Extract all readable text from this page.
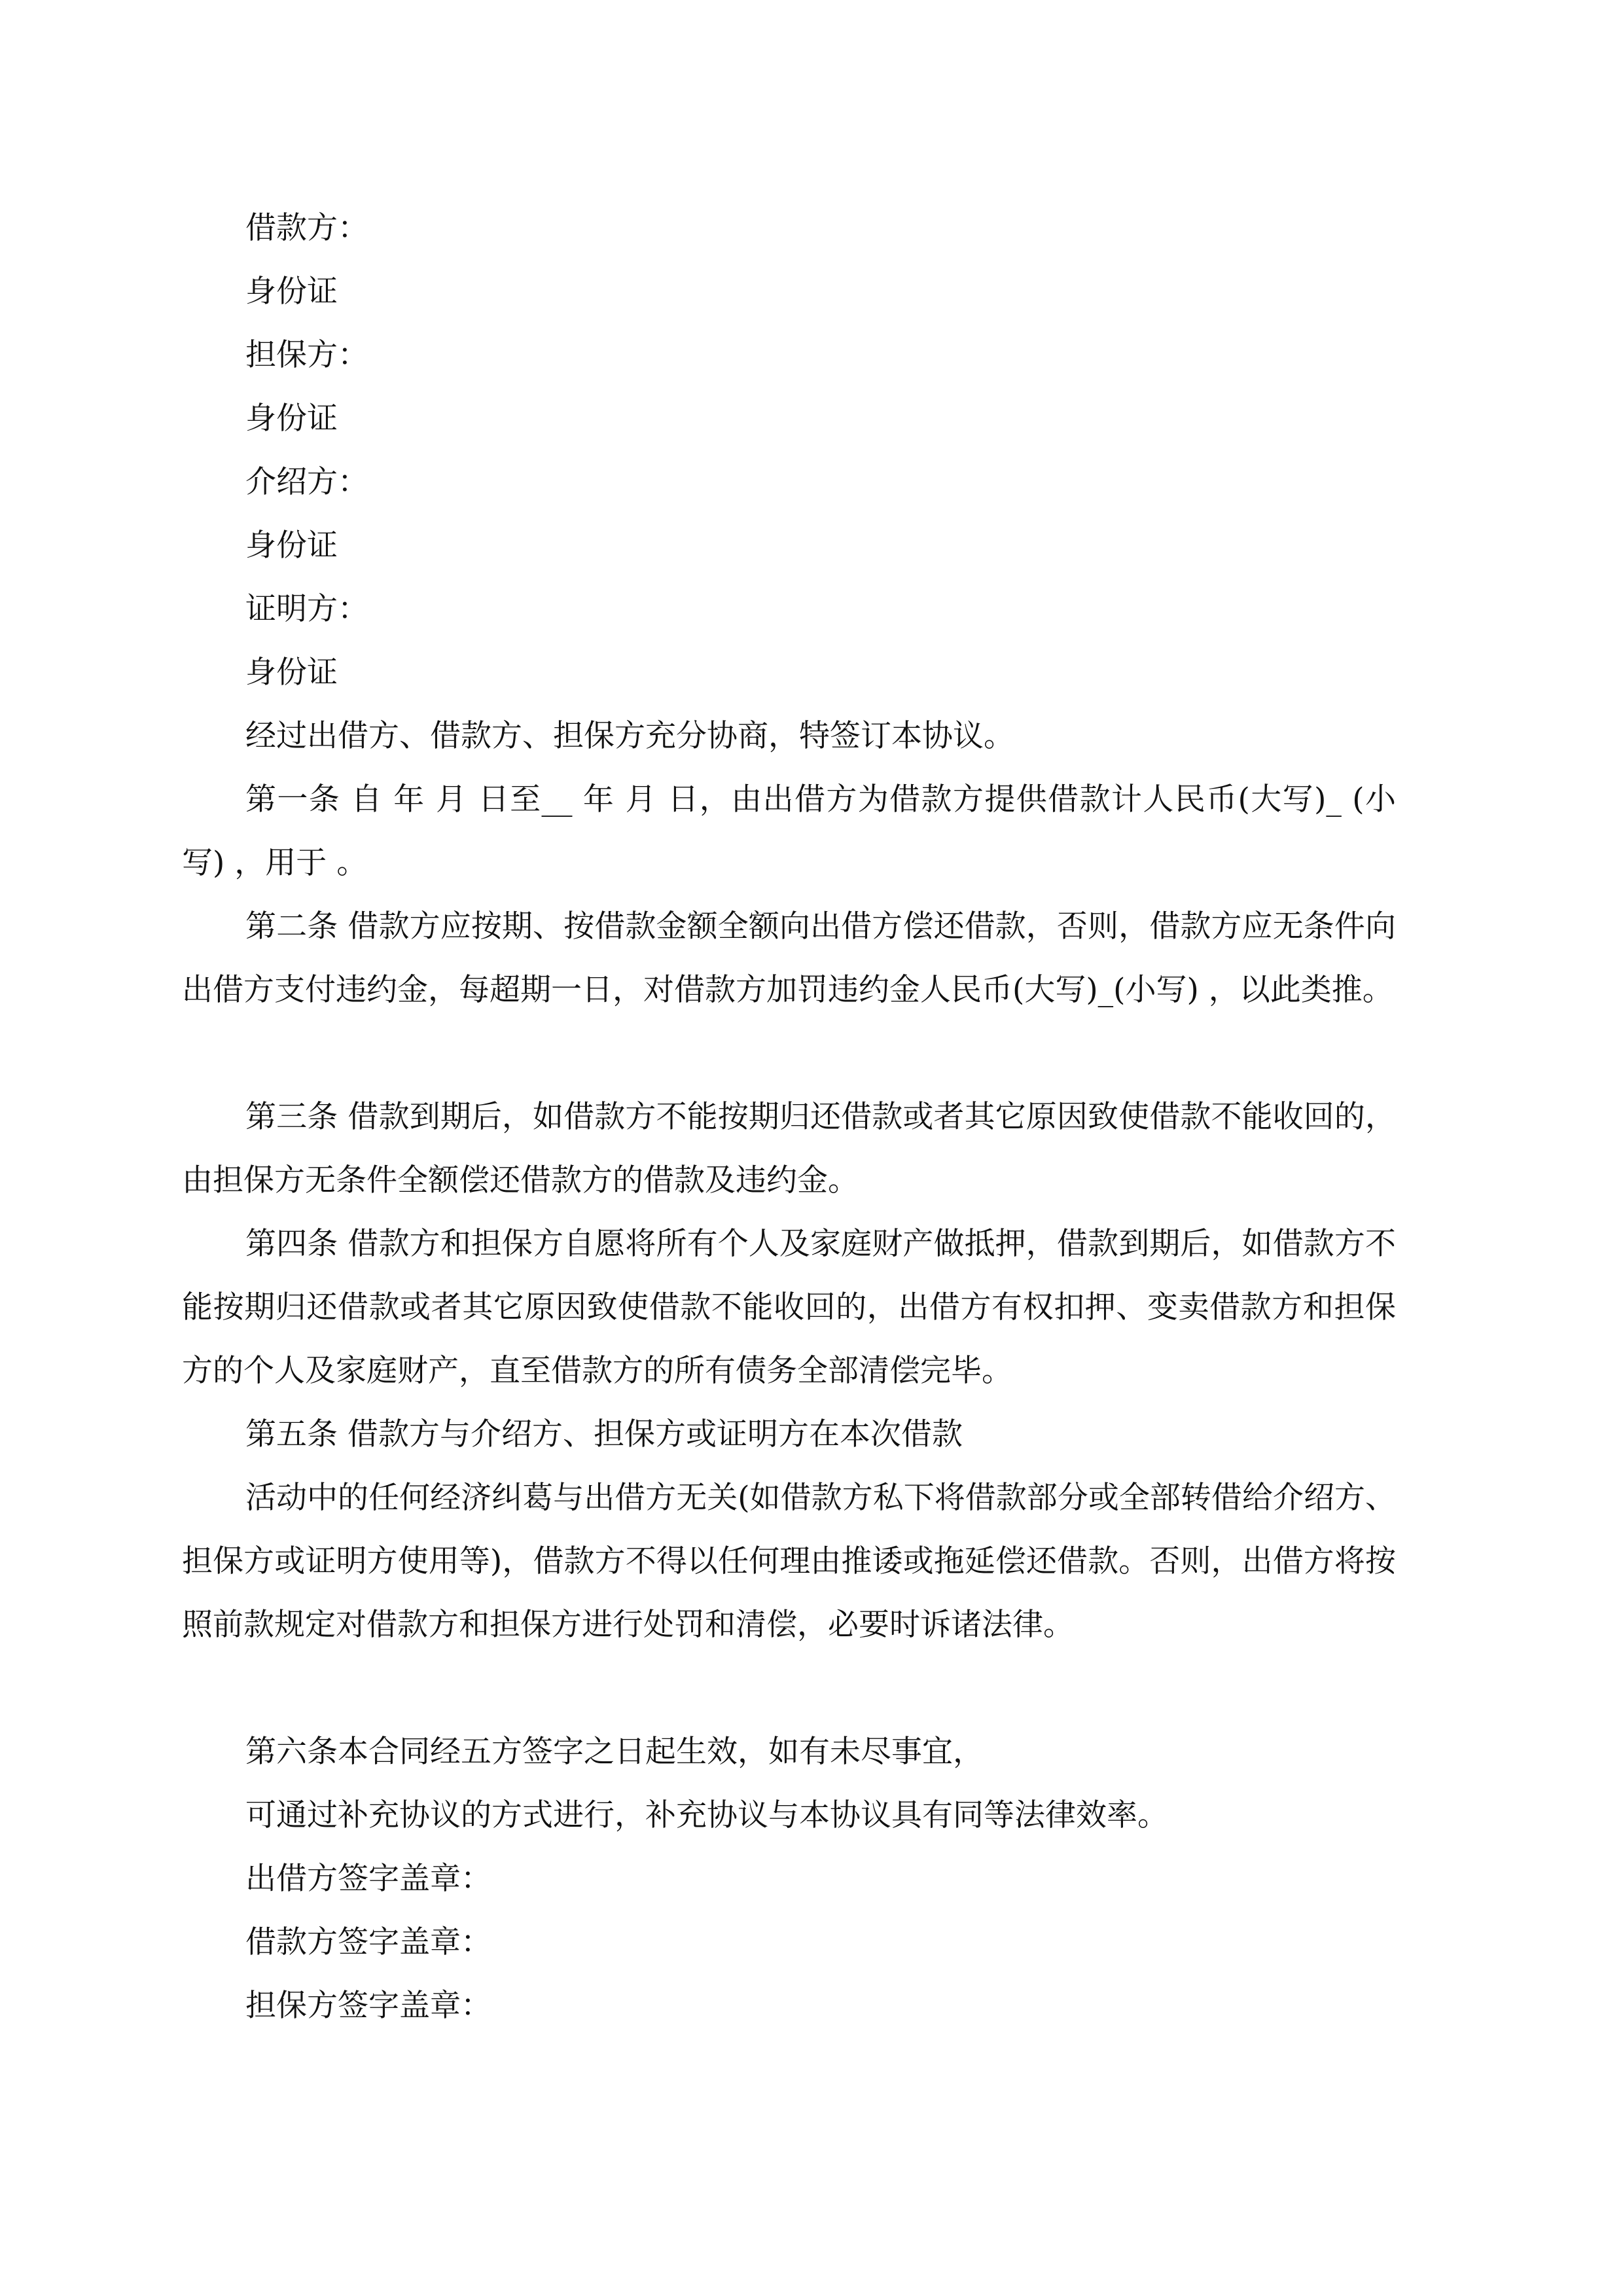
借款方：

身份证

担保方：

身份证

介绍方：

身份证

证明方：

身份证

经过出借方、借款方、担保方充分协商，特签订本协议。

第一条 自 年 月 日至__ 年 月 日，由出借方为借款方提供借款计人民币(大写)_ (小写) ，用于 。

第二条 借款方应按期、按借款金额全额向出借方偿还借款，否则，借款方应无条件向出借方支付违约金，每超期一日，对借款方加罚违约金人民币(大写)_(小写) ，以此类推。

第三条 借款到期后，如借款方不能按期归还借款或者其它原因致使借款不能收回的，由担保方无条件全额偿还借款方的借款及违约金。

第四条 借款方和担保方自愿将所有个人及家庭财产做抵押，借款到期后，如借款方不能按期归还借款或者其它原因致使借款不能收回的，出借方有权扣押、变卖借款方和担保方的个人及家庭财产，直至借款方的所有债务全部清偿完毕。

第五条 借款方与介绍方、担保方或证明方在本次借款

活动中的任何经济纠葛与出借方无关(如借款方私下将借款部分或全部转借给介绍方、担保方或证明方使用等)，借款方不得以任何理由推诿或拖延偿还借款。否则，出借方将按照前款规定对借款方和担保方进行处罚和清偿，必要时诉诸法律。

第六条本合同经五方签字之日起生效，如有未尽事宜，

可通过补充协议的方式进行，补充协议与本协议具有同等法律效率。

出借方签字盖章：

借款方签字盖章：

担保方签字盖章：
